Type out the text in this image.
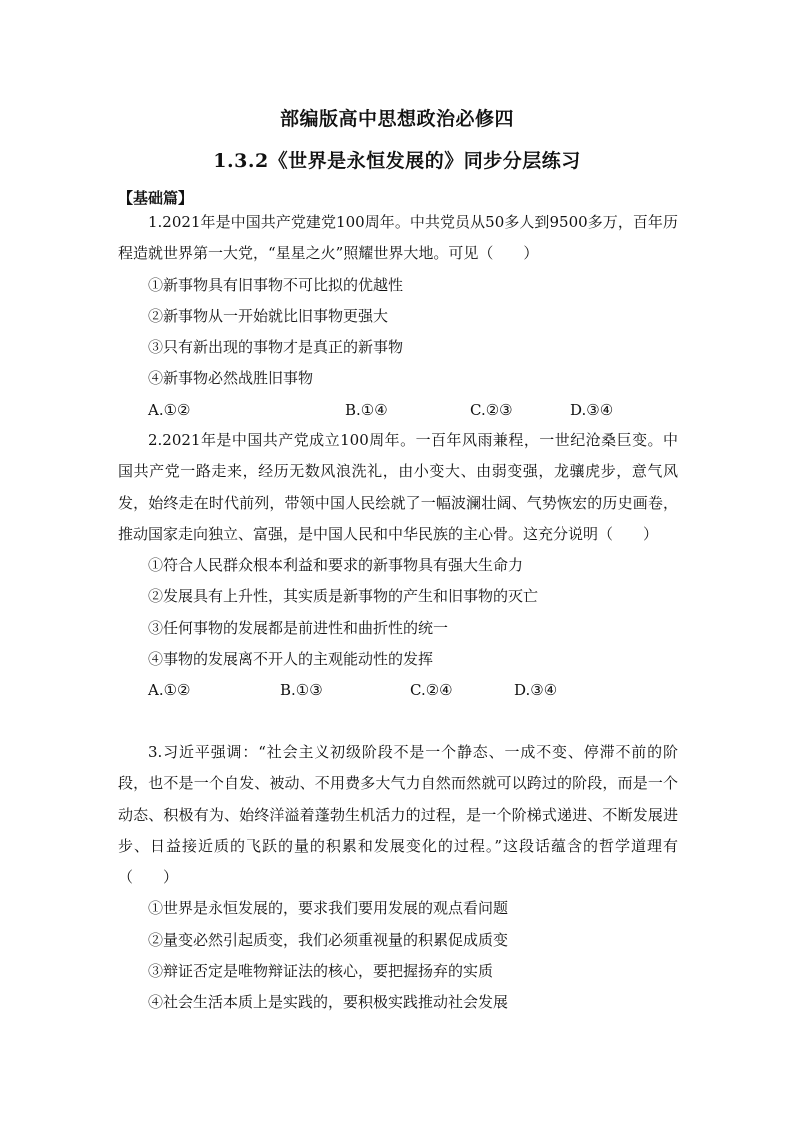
部编版高中思想政治必修四
1.3.2《世界是永恒发展的》同步分层练习

【基础篇】

1.2021年是中国共产党建党100周年。中共党员从50多人到9500多万，百年历程造就世界第一大党，“星星之火”照耀世界大地。可见（　　）

①新事物具有旧事物不可比拟的优越性

②新事物从一开始就比旧事物更强大

③只有新出现的事物才是真正的新事物

④新事物必然战胜旧事物

A.①②	B.①④	C.②③	D.③④

2.2021年是中国共产党成立100周年。一百年风雨兼程，一世纪沧桑巨变。中国共产党一路走来，经历无数风浪洗礼，由小变大、由弱变强，龙骧虎步，意气风发，始终走在时代前列，带领中国人民绘就了一幅波澜壮阔、气势恢宏的历史画卷，推动国家走向独立、富强，是中国人民和中华民族的主心骨。这充分说明（　　）

①符合人民群众根本利益和要求的新事物具有强大生命力

②发展具有上升性，其实质是新事物的产生和旧事物的灭亡

③任何事物的发展都是前进性和曲折性的统一

④事物的发展离不开人的主观能动性的发挥

A.①②	B.①③	C.②④	D.③④

3.习近平强调：“社会主义初级阶段不是一个静态、一成不变、停滞不前的阶段，也不是一个自发、被动、不用费多大气力自然而然就可以跨过的阶段，而是一个动态、积极有为、始终洋溢着蓬勃生机活力的过程，是一个阶梯式递进、不断发展进步、日益接近质的飞跃的量的积累和发展变化的过程。”这段话蕴含的哲学道理有（　　）

①世界是永恒发展的，要求我们要用发展的观点看问题

②量变必然引起质变，我们必须重视量的积累促成质变

③辩证否定是唯物辩证法的核心，要把握扬弃的实质

④社会生活本质上是实践的，要积极实践推动社会发展
